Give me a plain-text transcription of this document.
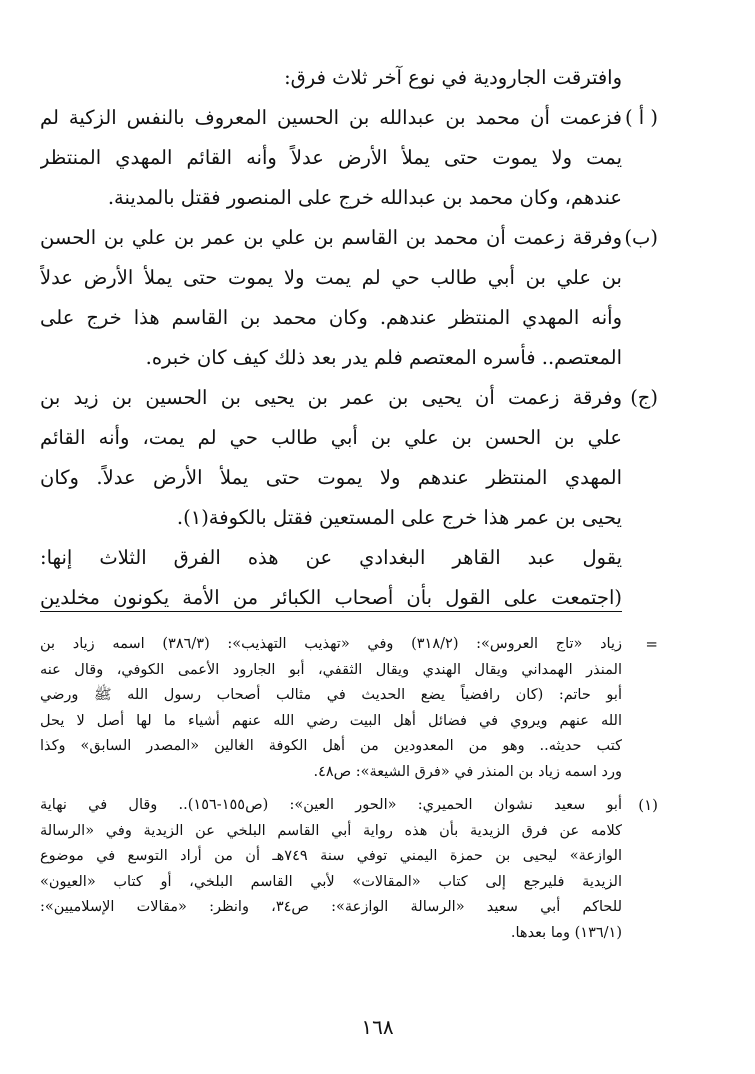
وافترقت الجارودية في نوع آخر ثلاث فرق:
( أ )
فزعمت أن محمد بن عبدالله بن الحسين المعروف بالنفس الزكية لم
يمت ولا يموت حتى يملأ الأرض عدلاً وأنه القائم المهدي المنتظر
عندهم، وكان محمد بن عبدالله خرج على المنصور فقتل بالمدينة.
(ب)
وفرقة زعمت أن محمد بن القاسم بن علي بن عمر بن علي بن الحسن
بن علي بن أبي طالب حي لم يمت ولا يموت حتى يملأ الأرض عدلاً
وأنه المهدي المنتظر عندهم. وكان محمد بن القاسم هذا خرج على
المعتصم.. فأسره المعتصم فلم يدر بعد ذلك كيف كان خبره.
(ج)
وفرقة زعمت أن يحيى بن عمر بن يحيى بن الحسين بن زيد بن
علي بن الحسن بن علي بن أبي طالب حي لم يمت، وأنه القائم
المهدي المنتظر عندهم ولا يموت حتى يملأ الأرض عدلاً. وكان
يحيى بن عمر هذا خرج على المستعين فقتل بالكوفة(١).
يقول عبد القاهر البغدادي عن هذه الفرق الثلاث إنها:
(اجتمعت على القول بأن أصحاب الكبائر من الأمة يكونون مخلدين
=
زياد «تاج العروس»: (٣١٨/٢) وفي «تهذيب التهذيب»: (٣٨٦/٣) اسمه زياد بن
المنذر الهمداني ويقال الهندي ويقال الثقفي، أبو الجارود الأعمى الكوفي، وقال عنه
أبو حاتم: (كان رافضياً يضع الحديث في مثالب أصحاب رسول الله ﷺ ورضي
الله عنهم ويروي في فضائل أهل البيت رضي الله عنهم أشياء ما لها أصل لا يحل
كتب حديثه.. وهو من المعدودين من أهل الكوفة الغالين «المصدر السابق» وكذا
ورد اسمه زياد بن المنذر في «فرق الشيعة»: ص٤٨.
(١)
أبو سعيد نشوان الحميري: «الحور العين»: (ص١٥٥-١٥٦).. وقال في نهاية
كلامه عن فرق الزيدية بأن هذه رواية أبي القاسم البلخي عن الزيدية وفي «الرسالة
الوازعة» ليحيى بن حمزة اليمني توفي سنة ٧٤٩هـ أن من أراد التوسع في موضوع
الزيدية فليرجع إلى كتاب «المقالات» لأبي القاسم البلخي، أو كتاب «العيون»
للحاكم أبي سعيد «الرسالة الوازعة»: ص٣٤، وانظر: «مقالات الإسلاميين»:
(١٣٦/١) وما بعدها.
١٦٨
